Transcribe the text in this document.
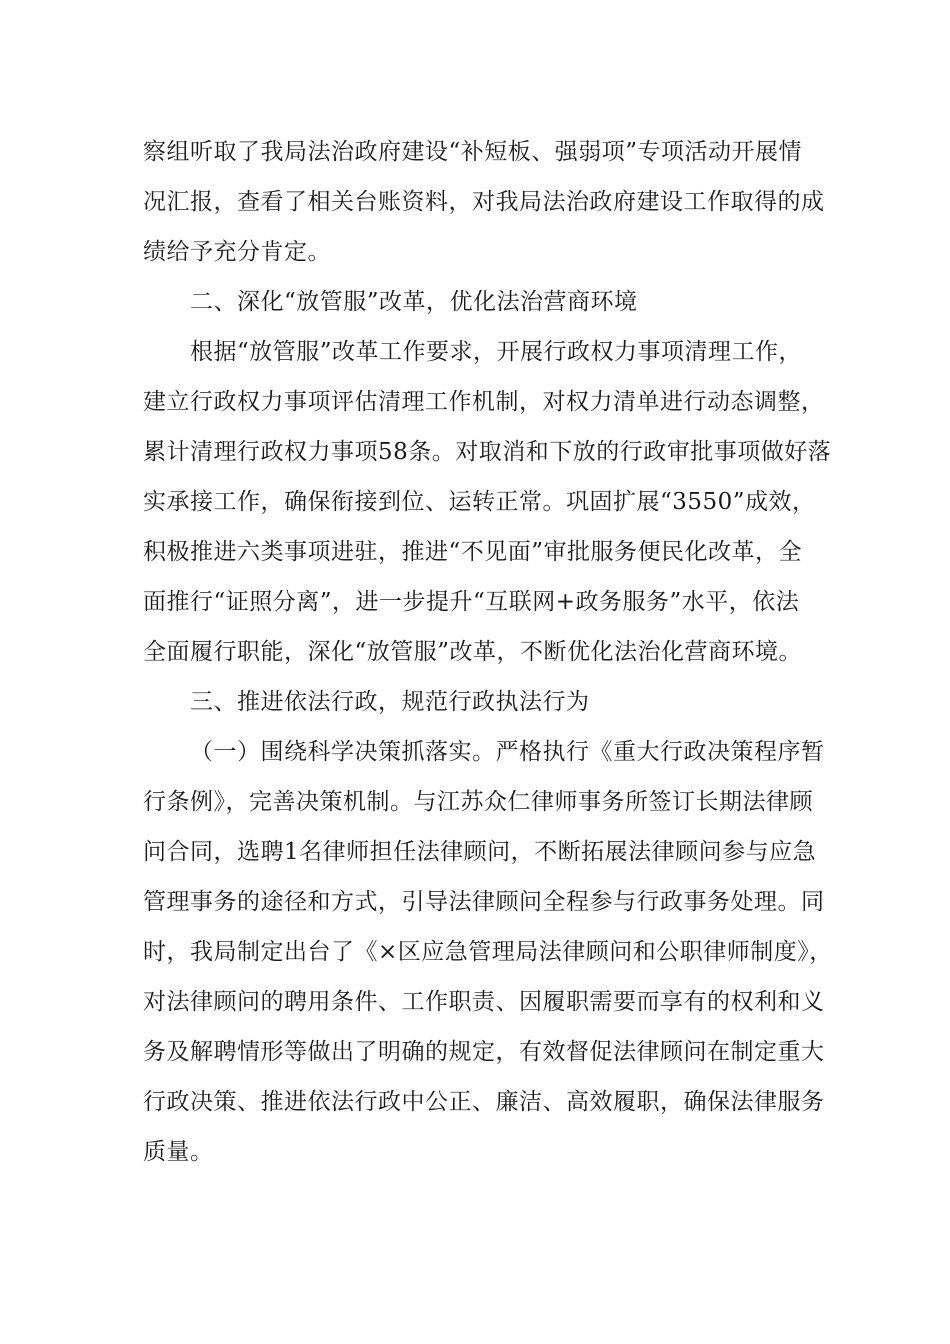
察组听取了我局法治政府建设“补短板、强弱项”专项活动开展情
况汇报，查看了相关台账资料，对我局法治政府建设工作取得的成
绩给予充分肯定。
二、深化“放管服”改革，优化法治营商环境
根据“放管服”改革工作要求，开展行政权力事项清理工作，
建立行政权力事项评估清理工作机制，对权力清单进行动态调整，
累计清理行政权力事项58条。对取消和下放的行政审批事项做好落
实承接工作，确保衔接到位、运转正常。巩固扩展“3550”成效，
积极推进六类事项进驻，推进“不见面”审批服务便民化改革，全
面推行“证照分离”，进一步提升“互联网+政务服务”水平，依法
全面履行职能，深化“放管服”改革，不断优化法治化营商环境。
三、推进依法行政，规范行政执法行为
（一）围绕科学决策抓落实。严格执行《重大行政决策程序暂
行条例》，完善决策机制。与江苏众仁律师事务所签订长期法律顾
问合同，选聘1名律师担任法律顾问，不断拓展法律顾问参与应急
管理事务的途径和方式，引导法律顾问全程参与行政事务处理。同
时，我局制定出台了《×区应急管理局法律顾问和公职律师制度》，
对法律顾问的聘用条件、工作职责、因履职需要而享有的权利和义
务及解聘情形等做出了明确的规定，有效督促法律顾问在制定重大
行政决策、推进依法行政中公正、廉洁、高效履职，确保法律服务
质量。
